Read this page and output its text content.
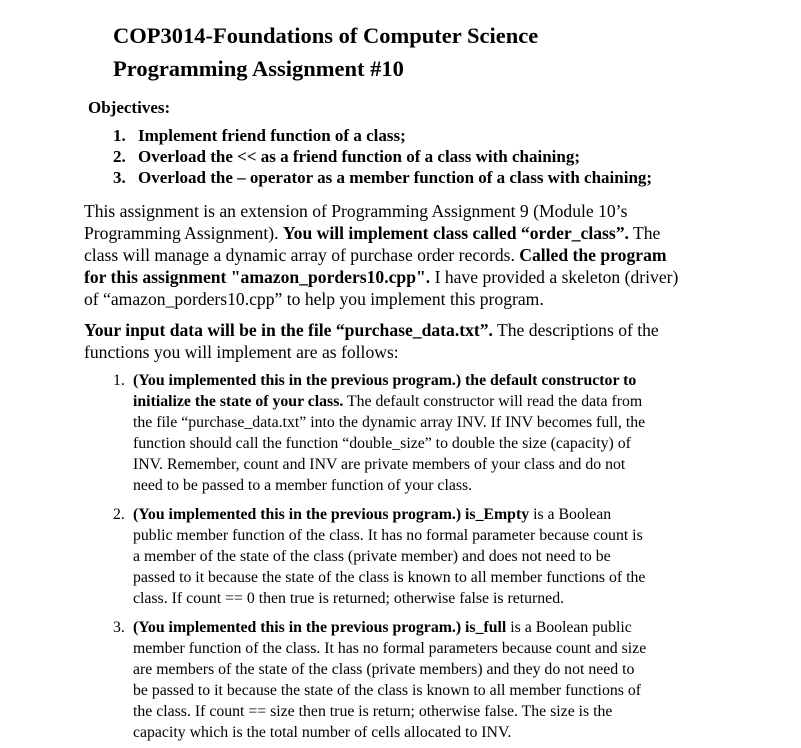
COP3014-Foundations of Computer Science
Programming Assignment #10
Objectives:
1. Implement friend function of a class;
2. Overload the << as a friend function of a class with chaining;
3. Overload the – operator as a member function of a class with chaining;
This assignment is an extension of Programming Assignment 9 (Module 10’s
Programming Assignment). You will implement class called “order_class”. The
class will manage a dynamic array of purchase order records. Called the program
for this assignment "amazon_porders10.cpp". I have provided a skeleton (driver)
of “amazon_porders10.cpp” to help you implement this program.
Your input data will be in the file “purchase_data.txt”. The descriptions of the
functions you will implement are as follows:
1. (You implemented this in the previous program.) the default constructor to
initialize the state of your class. The default constructor will read the data from
the file “purchase_data.txt” into the dynamic array INV. If INV becomes full, the
function should call the function “double_size” to double the size (capacity) of
INV. Remember, count and INV are private members of your class and do not
need to be passed to a member function of your class.
2. (You implemented this in the previous program.) is_Empty is a Boolean
public member function of the class. It has no formal parameter because count is
a member of the state of the class (private member) and does not need to be
passed to it because the state of the class is known to all member functions of the
class. If count == 0 then true is returned; otherwise false is returned.
3. (You implemented this in the previous program.) is_full is a Boolean public
member function of the class. It has no formal parameters because count and size
are members of the state of the class (private members) and they do not need to
be passed to it because the state of the class is known to all member functions of
the class. If count == size then true is return; otherwise false. The size is the
capacity which is the total number of cells allocated to INV.
